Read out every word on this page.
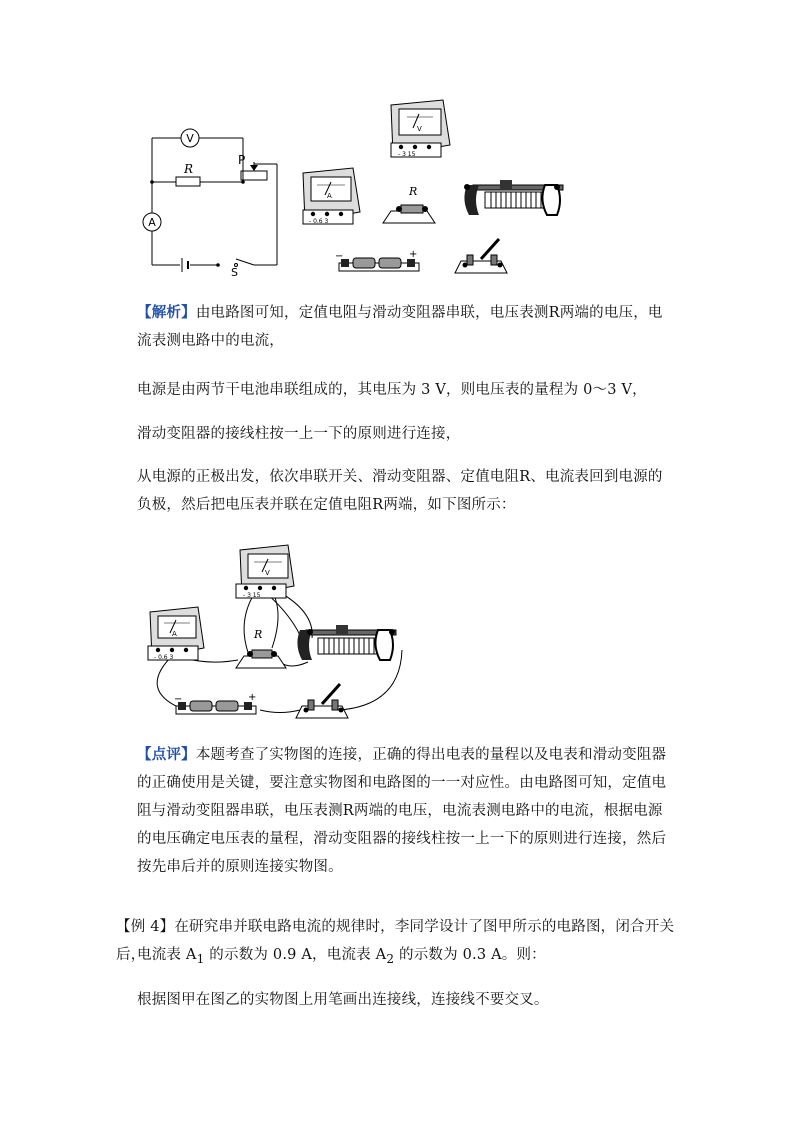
V
A
R
P
S
V
- 3 15
A
- 0.6 3
R
−	+
【解析】由电路图可知，定值电阻与滑动变阻器串联，电压表测R两端的电压，电流表测电路中的电流，
电源是由两节干电池串联组成的，其电压为 3 V，则电压表的量程为 0～3 V，
滑动变阻器的接线柱按一上一下的原则进行连接，
从电源的正极出发，依次串联开关、滑动变阻器、定值电阻R、电流表回到电源的负极，然后把电压表并联在定值电阻R两端，如下图所示：
V
- 3 15
A
- 0.6 3
R
−	+
【点评】本题考查了实物图的连接，正确的得出电表的量程以及电表和滑动变阻器的正确使用是关键，要注意实物图和电路图的一一对应性。由电路图可知，定值电阻与滑动变阻器串联，电压表测R两端的电压，电流表测电路中的电流，根据电源的电压确定电压表的量程，滑动变阻器的接线柱按一上一下的原则进行连接，然后按先串后并的原则连接实物图。
【例 4】在研究串并联电路电流的规律时，李同学设计了图甲所示的电路图，闭合开关后，
电流表 $A_1$ 的示数为 0.9 A，电流表 $A_2$ 的示数为 0.3 A。则：
根据图甲在图乙的实物图上用笔画出连接线，连接线不要交叉。
